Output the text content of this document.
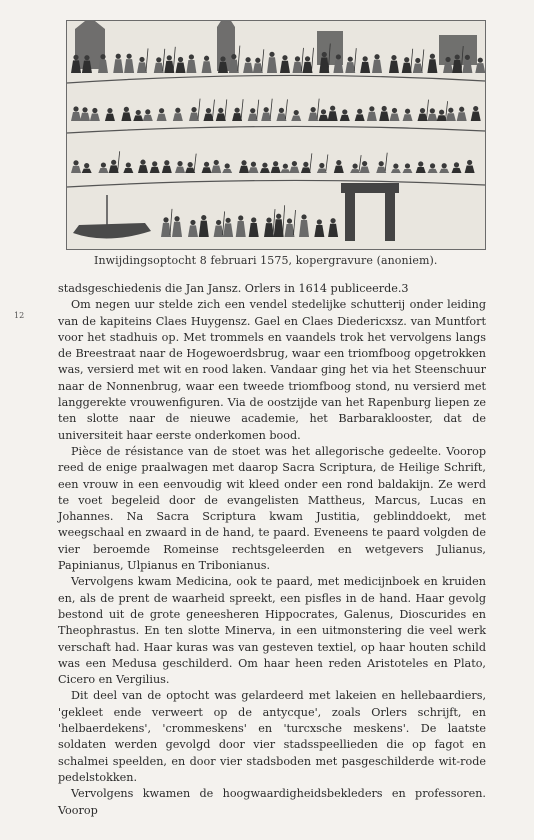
Inwijdingsoptocht 8 februari 1575, kopergravure (anoniem).
12

stadsgeschiedenis die Jan Jansz. Orlers in 1614 publiceerde.3

Om negen uur stelde zich een vendel stedelijke schutterij onder leiding van de kapiteins Claes Huygensz. Gael en Claes Diedericxsz. van Muntfort voor het stadhuis op. Met trommels en vaandels trok het vervolgens langs de Breestraat naar de Hogewoerdsbrug, waar een triomfboog opgetrokken was, versierd met wit en rood laken. Vandaar ging het via het Steenschuur naar de Nonnenbrug, waar een tweede triomfboog stond, nu versierd met langgerekte vrouwenfiguren. Via de oostzijde van het Rapenburg liepen ze ten slotte naar de nieuwe academie, het Barbaraklooster, dat de universiteit haar eerste onderkomen bood.

Pièce de résistance van de stoet was het allegorische gedeelte. Voorop reed de enige praalwagen met daarop Sacra Scriptura, de Heilige Schrift, een vrouw in een eenvoudig wit kleed onder een rond baldakijn. Ze werd te voet begeleid door de evangelisten Mattheus, Marcus, Lucas en Johannes. Na Sacra Scriptura kwam Justitia, geblinddoekt, met weegschaal en zwaard in de hand, te paard. Eveneens te paard volgden de vier beroemde Romeinse rechtsgeleerden en wetgevers Julianus, Papinianus, Ulpianus en Tribonianus.

Vervolgens kwam Medicina, ook te paard, met medicijnboek en kruiden en, als de prent de waarheid spreekt, een pisfles in de hand. Haar gevolg bestond uit de grote geneesheren Hippocrates, Galenus, Dioscurides en Theophrastus. En ten slotte Minerva, in een uitmonstering die veel werk verschaft had. Haar kuras was van gesteven textiel, op haar houten schild was een Medusa geschilderd. Om haar heen reden Aristoteles en Plato, Cicero en Vergilius.

Dit deel van de optocht was gelardeerd met lakeien en hellebaardiers, 'gekleet ende verweert op de antycque', zoals Orlers schrijft, en 'helbaerdekens', 'crommeskens' en 'turcxsche meskens'. De laatste soldaten werden gevolgd door vier stadsspeellieden die op fagot en schalmei speelden, en door vier stadsboden met pasgeschilderde wit-rode pedelstokken.

Vervolgens kwamen de hoogwaardigheidsbekleders en professoren. Voorop
